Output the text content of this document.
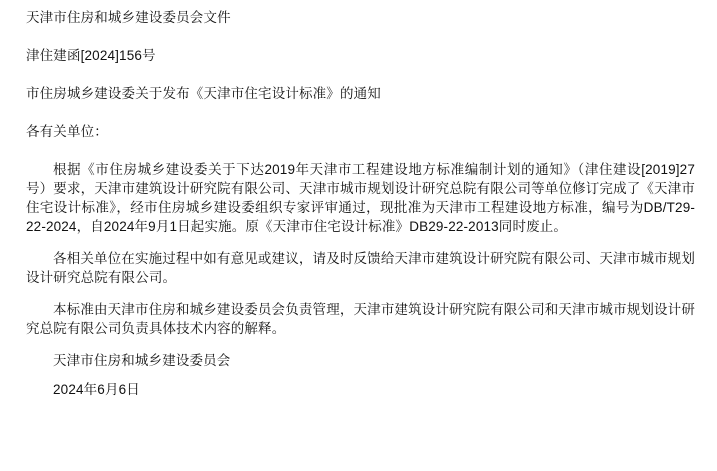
天津市住房和城乡建设委员会文件

津住建函[2024]156号

市住房城乡建设委关于发布《天津市住宅设计标准》的通知

各有关单位：

根据《市住房城乡建设委关于下达2019年天津市工程建设地方标准编制计划的通知》（津住建设[2019]27号）要求，天津市建筑设计研究院有限公司、天津市城市规划设计研究总院有限公司等单位修订完成了《天津市住宅设计标准》，经市住房城乡建设委组织专家评审通过，现批准为天津市工程建设地方标准，编号为DB/T29-22-2024，自2024年9月1日起实施。原《天津市住宅设计标准》DB29-22-2013同时废止。

各相关单位在实施过程中如有意见或建议，请及时反馈给天津市建筑设计研究院有限公司、天津市城市规划设计研究总院有限公司。

本标准由天津市住房和城乡建设委员会负责管理，天津市建筑设计研究院有限公司和天津市城市规划设计研究总院有限公司负责具体技术内容的解释。

天津市住房和城乡建设委员会

2024年6月6日
